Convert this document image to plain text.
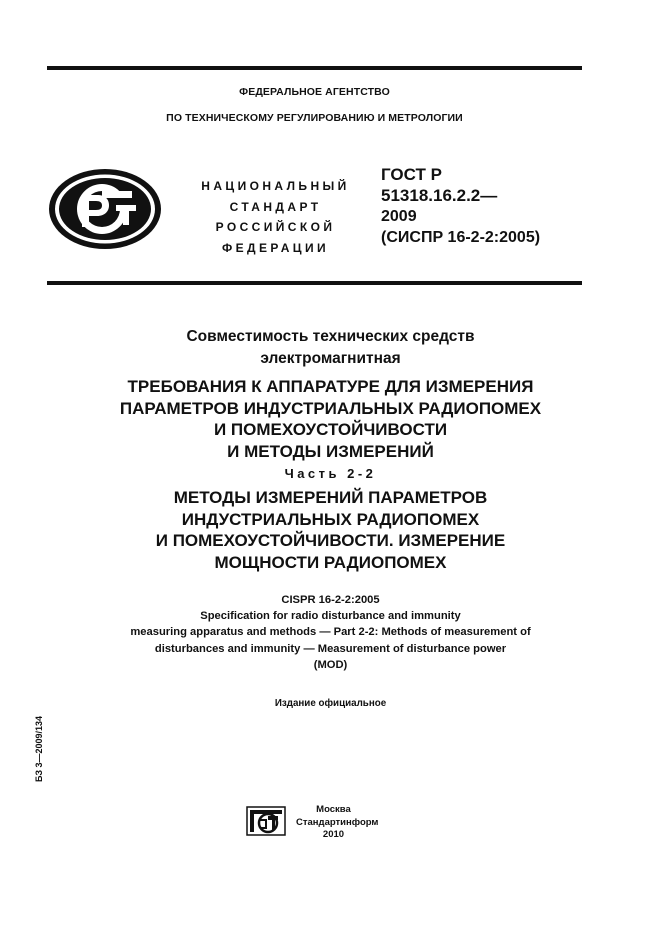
ФЕДЕРАЛЬНОЕ АГЕНТСТВО
ПО ТЕХНИЧЕСКОМУ РЕГУЛИРОВАНИЮ И МЕТРОЛОГИИ
НАЦИОНАЛЬНЫЙ
СТАНДАРТ
РОССИЙСКОЙ
ФЕДЕРАЦИИ
ГОСТ Р
51318.16.2.2—
2009
(СИСПР 16-2-2:2005)
Совместимость технических средств
электромагнитная
ТРЕБОВАНИЯ К АППАРАТУРЕ ДЛЯ ИЗМЕРЕНИЯ
ПАРАМЕТРОВ ИНДУСТРИАЛЬНЫХ РАДИОПОМЕХ
И ПОМЕХОУСТОЙЧИВОСТИ
И МЕТОДЫ ИЗМЕРЕНИЙ
Часть 2-2
МЕТОДЫ ИЗМЕРЕНИЙ ПАРАМЕТРОВ
ИНДУСТРИАЛЬНЫХ РАДИОПОМЕХ
И ПОМЕХОУСТОЙЧИВОСТИ. ИЗМЕРЕНИЕ
МОЩНОСТИ РАДИОПОМЕХ
CISPR 16-2-2:2005
Specification for radio disturbance and immunity
measuring apparatus and methods — Part 2-2: Methods of measurement of
disturbances and immunity — Measurement of disturbance power
(MOD)
Издание официальное
БЗ 3—2009/134
Москва
Стандартинформ
2010
